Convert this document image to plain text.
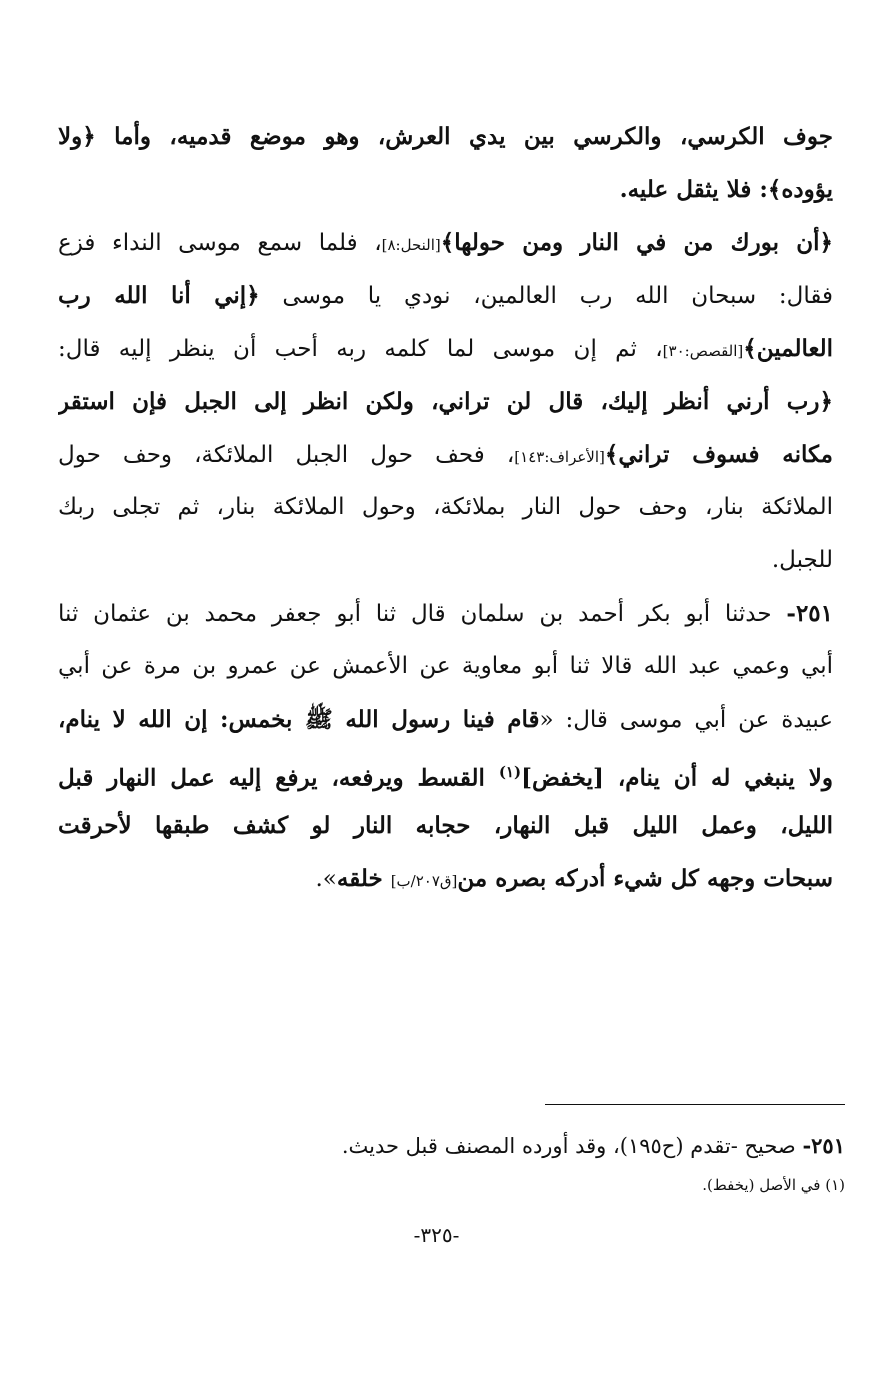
جوف الكرسي، والكرسي بين يدي العرش، وهو موضع قدميه، وأما ﴿ولا
يؤوده﴾: فلا يثقل عليه.
﴿أن بورك من في النار ومن حولها﴾[النحل:٨]، فلما سمع موسى النداء فزع
فقال: سبحان الله رب العالمين، نودي يا موسى ﴿إني أنا الله رب
العالمين﴾[القصص:٣٠]، ثم إن موسى لما كلمه ربه أحب أن ينظر إليه قال:
﴿رب أرني أنظر إليك، قال لن تراني، ولكن انظر إلى الجبل فإن استقر
مكانه فسوف تراني﴾[الأعراف:١٤٣]، فحف حول الجبل الملائكة، وحف حول
الملائكة بنار، وحف حول النار بملائكة، وحول الملائكة بنار، ثم تجلى ربك
للجبل.
٢٥١- حدثنا أبو بكر أحمد بن سلمان قال ثنا أبو جعفر محمد بن عثمان ثنا
أبي وعمي عبد الله قالا ثنا أبو معاوية عن الأعمش عن عمرو بن مرة عن أبي
عبيدة عن أبي موسى قال: «قام فينا رسول الله ﷺ بخمس: إن الله لا ينام،
ولا ينبغي له أن ينام، [يخفض]$^{(١)}$ القسط ويرفعه، يرفع إليه عمل النهار قبل
الليل، وعمل الليل قبل النهار، حجابه النار لو كشف طبقها لأحرقت
سبحات وجهه كل شيء أدركه بصره من[ق٢٠٧/ب] خلقه».
٢٥١- صحيح -تقدم (ح١٩٥)، وقد أورده المصنف قبل حديث.
(١) في الأصل (يخفط).
-٣٢٥-
